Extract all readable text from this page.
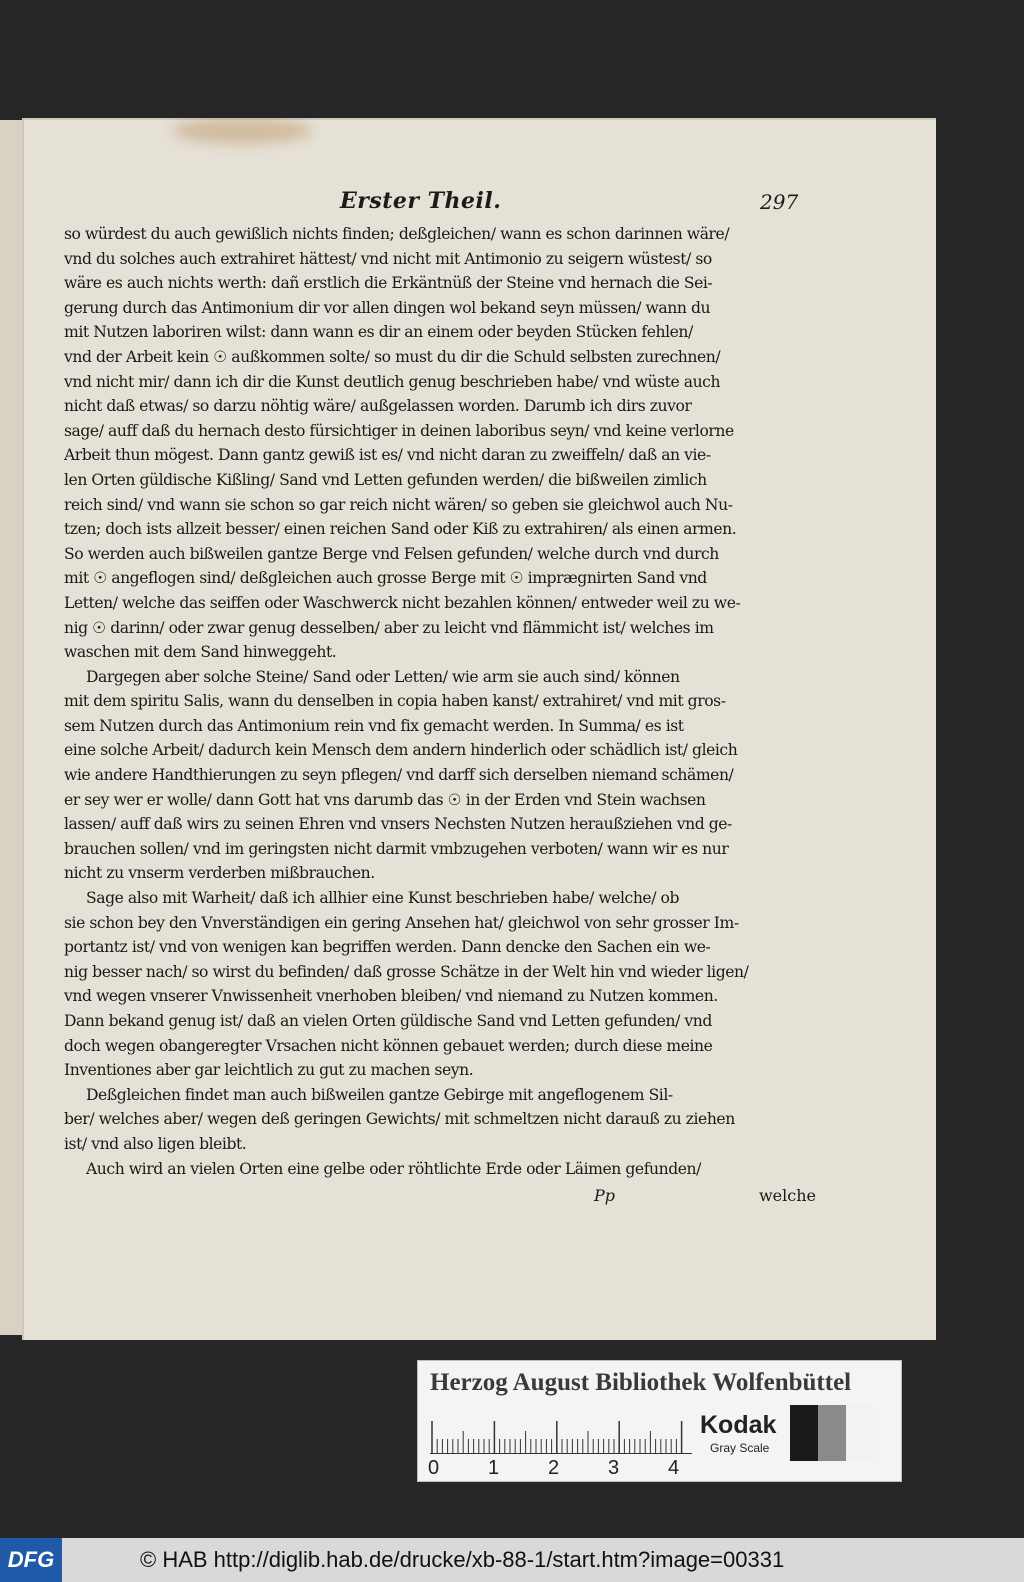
Erster Theil.	297
so würdest du auch gewißlich nichts finden; deßgleichen/ wann es schon darinnen wäre/
vnd du solches auch extrahiret hättest/ vnd nicht mit Antimonio zu seigern wüstest/ so
wäre es auch nichts werth: dañ erstlich die Erkäntnüß der Steine vnd hernach die Sei-
gerung durch das Antimonium dir vor allen dingen wol bekand seyn müssen/ wann du
mit Nutzen laboriren wilst: dann wann es dir an einem oder beyden Stücken fehlen/
vnd der Arbeit kein ☉ außkommen solte/ so must du dir die Schuld selbsten zurechnen/
vnd nicht mir/ dann ich dir die Kunst deutlich genug beschrieben habe/ vnd wüste auch
nicht daß etwas/ so darzu nöhtig wäre/ außgelassen worden. Darumb ich dirs zuvor
sage/ auff daß du hernach desto fürsichtiger in deinen laboribus seyn/ vnd keine verlorne
Arbeit thun mögest. Dann gantz gewiß ist es/ vnd nicht daran zu zweiffeln/ daß an vie-
len Orten güldische Kißling/ Sand vnd Letten gefunden werden/ die bißweilen zimlich
reich sind/ vnd wann sie schon so gar reich nicht wären/ so geben sie gleichwol auch Nu-
tzen; doch ists allzeit besser/ einen reichen Sand oder Kiß zu extrahiren/ als einen armen.
So werden auch bißweilen gantze Berge vnd Felsen gefunden/ welche durch vnd durch
mit ☉ angeflogen sind/ deßgleichen auch grosse Berge mit ☉ imprægnirten Sand vnd
Letten/ welche das seiffen oder Waschwerck nicht bezahlen können/ entweder weil zu we-
nig ☉ darinn/ oder zwar genug desselben/ aber zu leicht vnd flämmicht ist/ welches im
waschen mit dem Sand hinweggeht.
Dargegen aber solche Steine/ Sand oder Letten/ wie arm sie auch sind/ können
mit dem spiritu Salis, wann du denselben in copia haben kanst/ extrahiret/ vnd mit gros-
sem Nutzen durch das Antimonium rein vnd fix gemacht werden. In Summa/ es ist
eine solche Arbeit/ dadurch kein Mensch dem andern hinderlich oder schädlich ist/ gleich
wie andere Handthierungen zu seyn pflegen/ vnd darff sich derselben niemand schämen/
er sey wer er wolle/ dann Gott hat vns darumb das ☉ in der Erden vnd Stein wachsen
lassen/ auff daß wirs zu seinen Ehren vnd vnsers Nechsten Nutzen heraußziehen vnd ge-
brauchen sollen/ vnd im geringsten nicht darmit vmbzugehen verboten/ wann wir es nur
nicht zu vnserm verderben mißbrauchen.
Sage also mit Warheit/ daß ich allhier eine Kunst beschrieben habe/ welche/ ob
sie schon bey den Vnverständigen ein gering Ansehen hat/ gleichwol von sehr grosser Im-
portantz ist/ vnd von wenigen kan begriffen werden. Dann dencke den Sachen ein we-
nig besser nach/ so wirst du befinden/ daß grosse Schätze in der Welt hin vnd wieder ligen/
vnd wegen vnserer Vnwissenheit vnerhoben bleiben/ vnd niemand zu Nutzen kommen.
Dann bekand genug ist/ daß an vielen Orten güldische Sand vnd Letten gefunden/ vnd
doch wegen obangeregter Vrsachen nicht können gebauet werden; durch diese meine
Inventiones aber gar leichtlich zu gut zu machen seyn.
Deßgleichen findet man auch bißweilen gantze Gebirge mit angeflogenem Sil-
ber/ welches aber/ wegen deß geringen Gewichts/ mit schmeltzen nicht darauß zu ziehen
ist/ vnd also ligen bleibt.
Auch wird an vielen Orten eine gelbe oder röhtlichte Erde oder Läimen gefunden/
Pp	welche
Herzog August Bibliothek Wolfenbüttel
0 1 2 3 4
Kodak
Gray Scale
DFG	© HAB http://diglib.hab.de/drucke/xb-88-1/start.htm?image=00331
